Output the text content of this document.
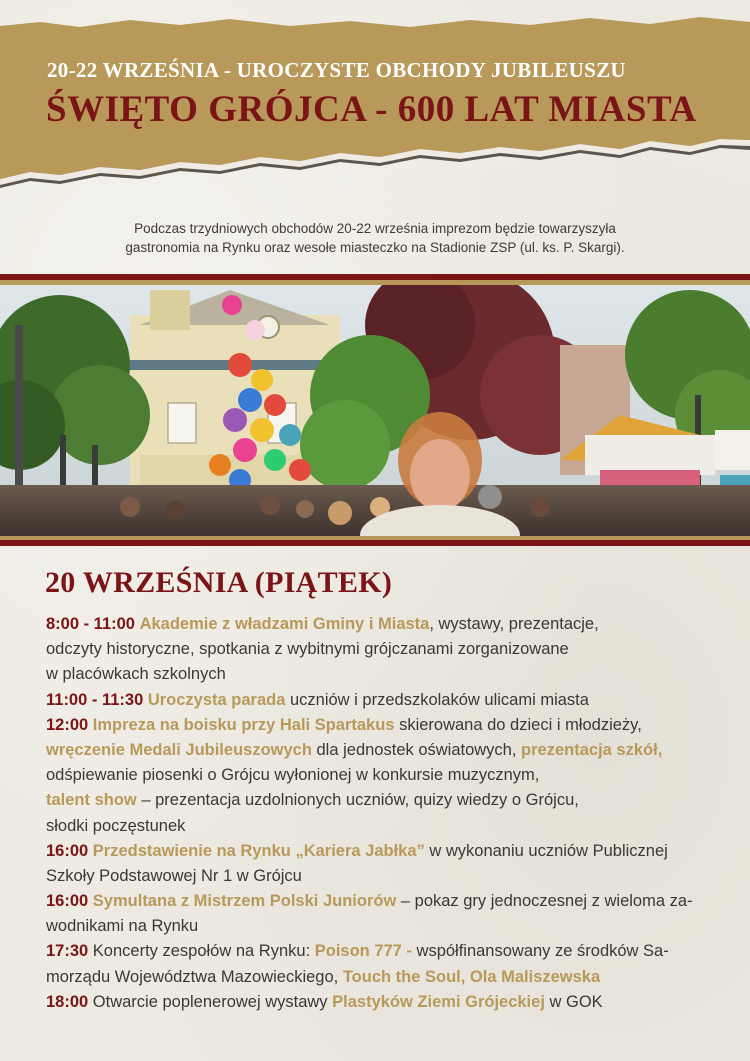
20-22 WRZEŚNIA - UROCZYSTE OBCHODY JUBILEUSZU
ŚWIĘTO GRÓJCA - 600 LAT MIASTA
Podczas trzydniowych obchodów 20-22 września imprezom będzie towarzyszyła
gastronomia na Rynku oraz wesołe miasteczko na Stadionie ZSP (ul. ks. P. Skargi).
20 WRZEŚNIA (PIĄTEK)
8:00 - 11:00 Akademie z władzami Gminy i Miasta, wystawy, prezentacje,
odczyty historyczne, spotkania z wybitnymi grójczanami zorganizowane
w placówkach szkolnych
11:00 - 11:30 Uroczysta parada uczniów i przedszkolaków ulicami miasta
12:00 Impreza na boisku przy Hali Spartakus skierowana do dzieci i młodzieży,
wręczenie Medali Jubileuszowych dla jednostek oświatowych, prezentacja szkół,
odśpiewanie piosenki o Grójcu wyłonionej w konkursie muzycznym,
talent show – prezentacja uzdolnionych uczniów, quizy wiedzy o Grójcu,
słodki poczęstunek
16:00 Przedstawienie na Rynku „Kariera Jabłka” w wykonaniu uczniów Publicznej
Szkoły Podstawowej Nr 1 w Grójcu
16:00 Symultana z Mistrzem Polski Juniorów – pokaz gry jednoczesnej z wieloma za-
wodnikami na Rynku
17:30 Koncerty zespołów na Rynku: Poison 777 - współfinansowany ze środków Sa-
morządu Województwa Mazowieckiego, Touch the Soul, Ola Maliszewska
18:00 Otwarcie poplenerowej wystawy Plastyków Ziemi Grójeckiej w GOK
